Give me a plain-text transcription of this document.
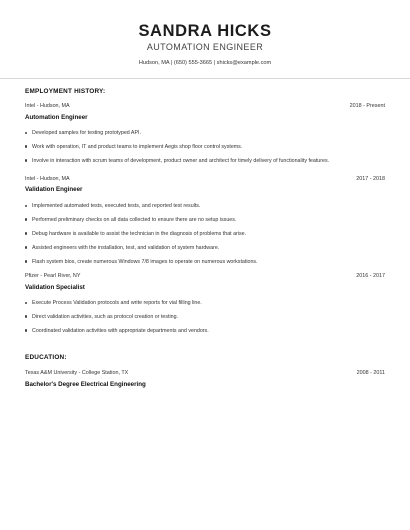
SANDRA HICKS
AUTOMATION ENGINEER
Hudson, MA | (650) 555-3665 | shicks@example.com
EMPLOYMENT HISTORY:
Intel - Hudson, MA	2018 - Present
Automation Engineer
Developed samples for testing prototyped API.
Work with operation, IT and product teams to implement Aegis shop floor control systems.
Involve in interaction with scrum teams of development, product owner and architect for timely delivery of functionality features.
Intel - Hudson, MA	2017 - 2018
Validation Engineer
Implemented automated tests, executed tests, and reported test results.
Performed preliminary checks on all data collected to ensure there are no setup issues.
Debug hardware is available to assist the technician in the diagnosis of problems that arise.
Assisted engineers with the installation, test, and validation of system hardware.
Flash system bios, create numerous Windows 7/8 images to operate on numerous workstations.
Pfizer - Pearl River, NY	2016 - 2017
Validation Specialist
Execute Process Validation protocols and write reports for vial filling line.
Direct validation activities, such as protocol creation or testing.
Coordinated validation activities with appropriate departments and vendors.
EDUCATION:
Texas A&M University - College Station, TX	2008 - 2011
Bachelor's Degree Electrical Engineering
